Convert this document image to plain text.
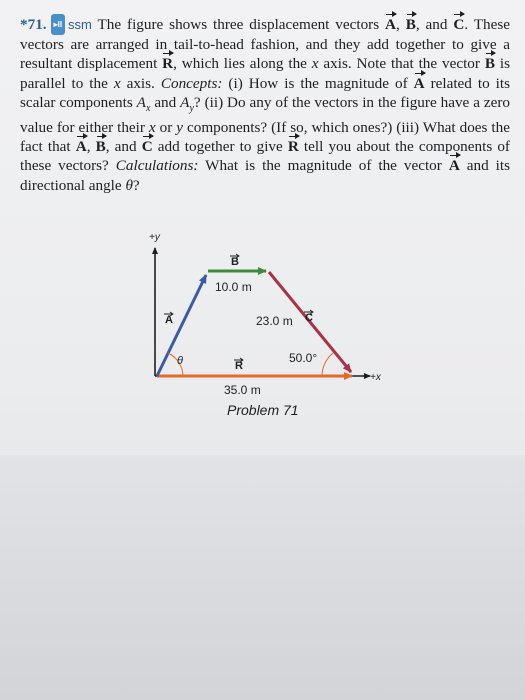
*71. ▸II ssm The figure shows three displacement vectors A, B, and C. These vectors are arranged in tail-to-head fashion, and they add together to give a resultant displacement R, which lies along the x axis. Note that the vector B is parallel to the x axis. Concepts: (i) How is the magnitude of A related to its scalar components $A_x$ and $A_y$? (ii) Do any of the vectors in the figure have a zero value for either their x or y components? (If so, which ones?) (iii) What does the fact that A, B, and C add together to give R tell you about the components of these vectors? Calculations: What is the magnitude of the vector A and its directional angle θ?
+y
+x
B
10.0 m
A	C
23.0 m
θ	R
35.0 m
50.0°
Problem 71
